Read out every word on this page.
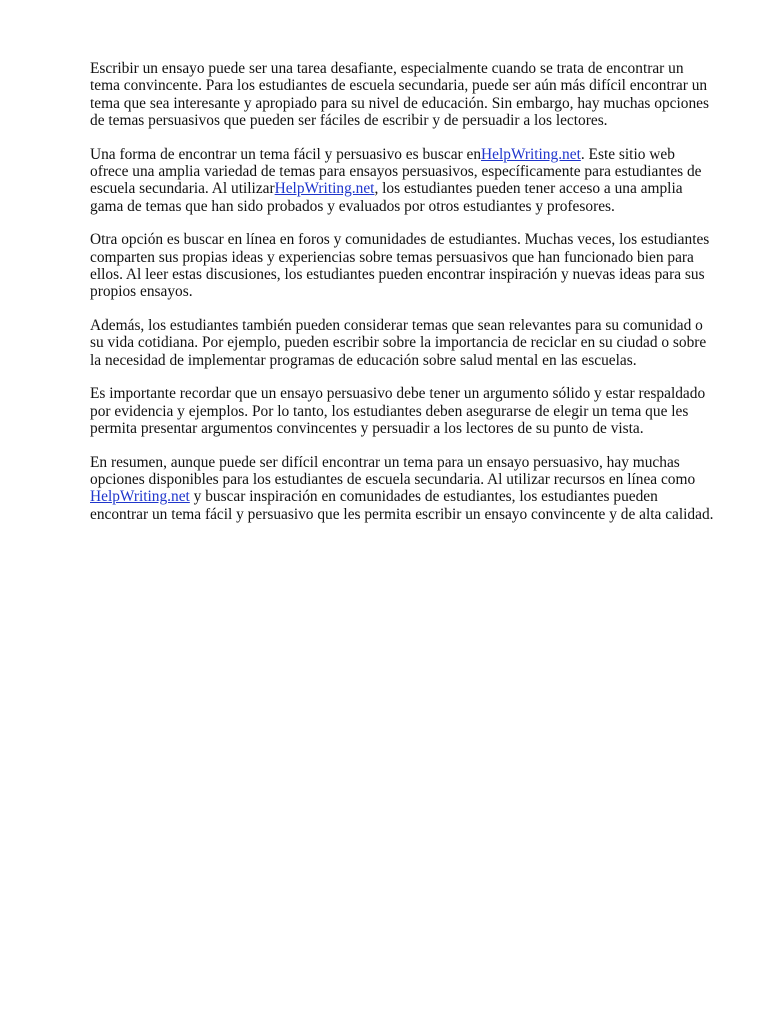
Escribir un ensayo puede ser una tarea desafiante, especialmente cuando se trata de encontrar un
tema convincente. Para los estudiantes de escuela secundaria, puede ser aún más difícil encontrar un
tema que sea interesante y apropiado para su nivel de educación. Sin embargo, hay muchas opciones
de temas persuasivos que pueden ser fáciles de escribir y de persuadir a los lectores.

Una forma de encontrar un tema fácil y persuasivo es buscar enHelpWriting.net. Este sitio web
ofrece una amplia variedad de temas para ensayos persuasivos, específicamente para estudiantes de
escuela secundaria. Al utilizarHelpWriting.net, los estudiantes pueden tener acceso a una amplia
gama de temas que han sido probados y evaluados por otros estudiantes y profesores.

Otra opción es buscar en línea en foros y comunidades de estudiantes. Muchas veces, los estudiantes
comparten sus propias ideas y experiencias sobre temas persuasivos que han funcionado bien para
ellos. Al leer estas discusiones, los estudiantes pueden encontrar inspiración y nuevas ideas para sus
propios ensayos.

Además, los estudiantes también pueden considerar temas que sean relevantes para su comunidad o
su vida cotidiana. Por ejemplo, pueden escribir sobre la importancia de reciclar en su ciudad o sobre
la necesidad de implementar programas de educación sobre salud mental en las escuelas.

Es importante recordar que un ensayo persuasivo debe tener un argumento sólido y estar respaldado
por evidencia y ejemplos. Por lo tanto, los estudiantes deben asegurarse de elegir un tema que les
permita presentar argumentos convincentes y persuadir a los lectores de su punto de vista.

En resumen, aunque puede ser difícil encontrar un tema para un ensayo persuasivo, hay muchas
opciones disponibles para los estudiantes de escuela secundaria. Al utilizar recursos en línea como
HelpWriting.net y buscar inspiración en comunidades de estudiantes, los estudiantes pueden
encontrar un tema fácil y persuasivo que les permita escribir un ensayo convincente y de alta calidad.
